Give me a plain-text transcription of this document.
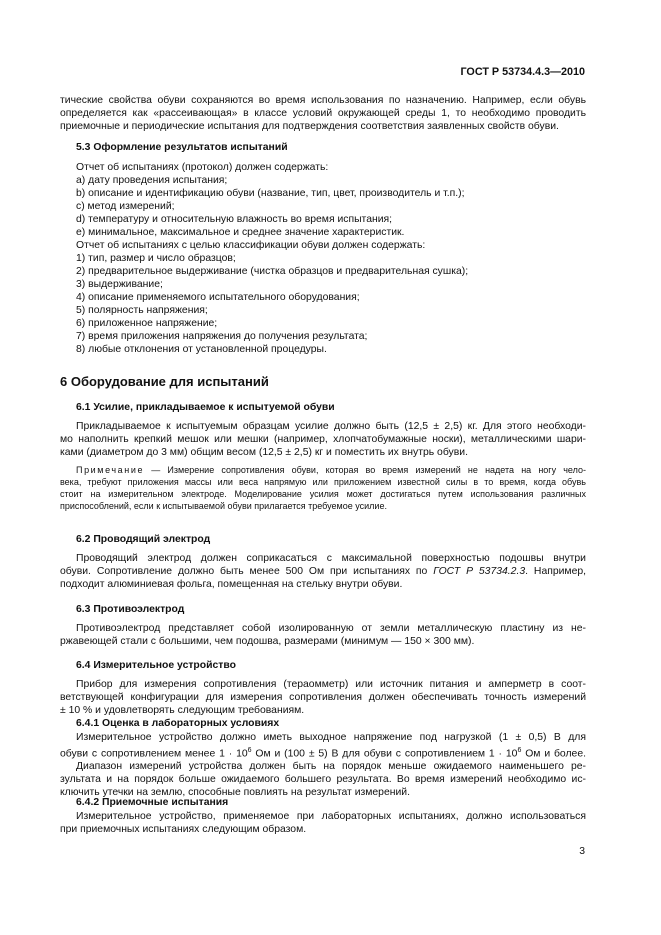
ГОСТ Р 53734.4.3—2010
тические свойства обуви сохраняются во время использования по назначению. Например, если обувь
определяется как «рассеивающая» в классе условий окружающей среды 1, то необходимо проводить
приемочные и периодические испытания для подтверждения соответствия заявленных свойств обуви.
5.3 Оформление результатов испытаний
Отчет об испытаниях (протокол) должен содержать:
a) дату проведения испытания;
b) описание и идентификацию обуви (название, тип, цвет, производитель и т.п.);
c) метод измерений;
d) температуру и относительную влажность во время испытания;
e) минимальное, максимальное и среднее значение характеристик.
Отчет об испытаниях с целью классификации обуви должен содержать:
1) тип, размер и число образцов;
2) предварительное выдерживание (чистка образцов и предварительная сушка);
3) выдерживание;
4) описание применяемого испытательного оборудования;
5) полярность напряжения;
6) приложенное напряжение;
7) время приложения напряжения до получения результата;
8) любые отклонения от установленной процедуры.
6 Оборудование для испытаний
6.1 Усилие, прикладываемое к испытуемой обуви
Прикладываемое к испытуемым образцам усилие должно быть (12,5 ± 2,5) кг. Для этого необходи-
мо наполнить крепкий мешок или мешки (например, хлопчатобумажные носки), металлическими шари-
ками (диаметром до 3 мм) общим весом (12,5 ± 2,5) кг и поместить их внутрь обуви.
Примечание — Измерение сопротивления обуви, которая во время измерений не надета на ногу чело-
века, требуют приложения массы или веса напрямую или приложением известной силы в то время, когда обувь
стоит на измерительном электроде. Моделирование усилия может достигаться путем использования различных
приспособлений, если к испытываемой обуви прилагается требуемое усилие.
6.2 Проводящий электрод
Проводящий электрод должен соприкасаться с максимальной поверхностью подошвы внутри
обуви. Сопротивление должно быть менее 500 Ом при испытаниях по ГОСТ Р 53734.2.3. Например,
подходит алюминиевая фольга, помещенная на стельку внутри обуви.
6.3 Противоэлектрод
Противоэлектрод представляет собой изолированную от земли металлическую пластину из не-
ржавеющей стали с большими, чем подошва, размерами (минимум — 150 × 300 мм).
6.4 Измерительное устройство
Прибор для измерения сопротивления (тераомметр) или источник питания и амперметр в соот-
ветствующей конфигурации для измерения сопротивления должен обеспечивать точность измерений
± 10 % и удовлетворять следующим требованиям.
6.4.1 Оценка в лабораторных условиях
Измерительное устройство должно иметь выходное напряжение под нагрузкой (1 ± 0,5) В для
обуви с сопротивлением менее $1 \cdot 10^6$ Ом и (100 ± 5) В для обуви с сопротивлением $1 \cdot 10^6$ Ом и более.
Диапазон измерений устройства должен быть на порядок меньше ожидаемого наименьшего ре-
зультата и на порядок больше ожидаемого большего результата. Во время измерений необходимо ис-
ключить утечки на землю, способные повлиять на результат измерений.
6.4.2 Приемочные испытания
Измерительное устройство, применяемое при лабораторных испытаниях, должно использоваться
при приемочных испытаниях следующим образом.
3
